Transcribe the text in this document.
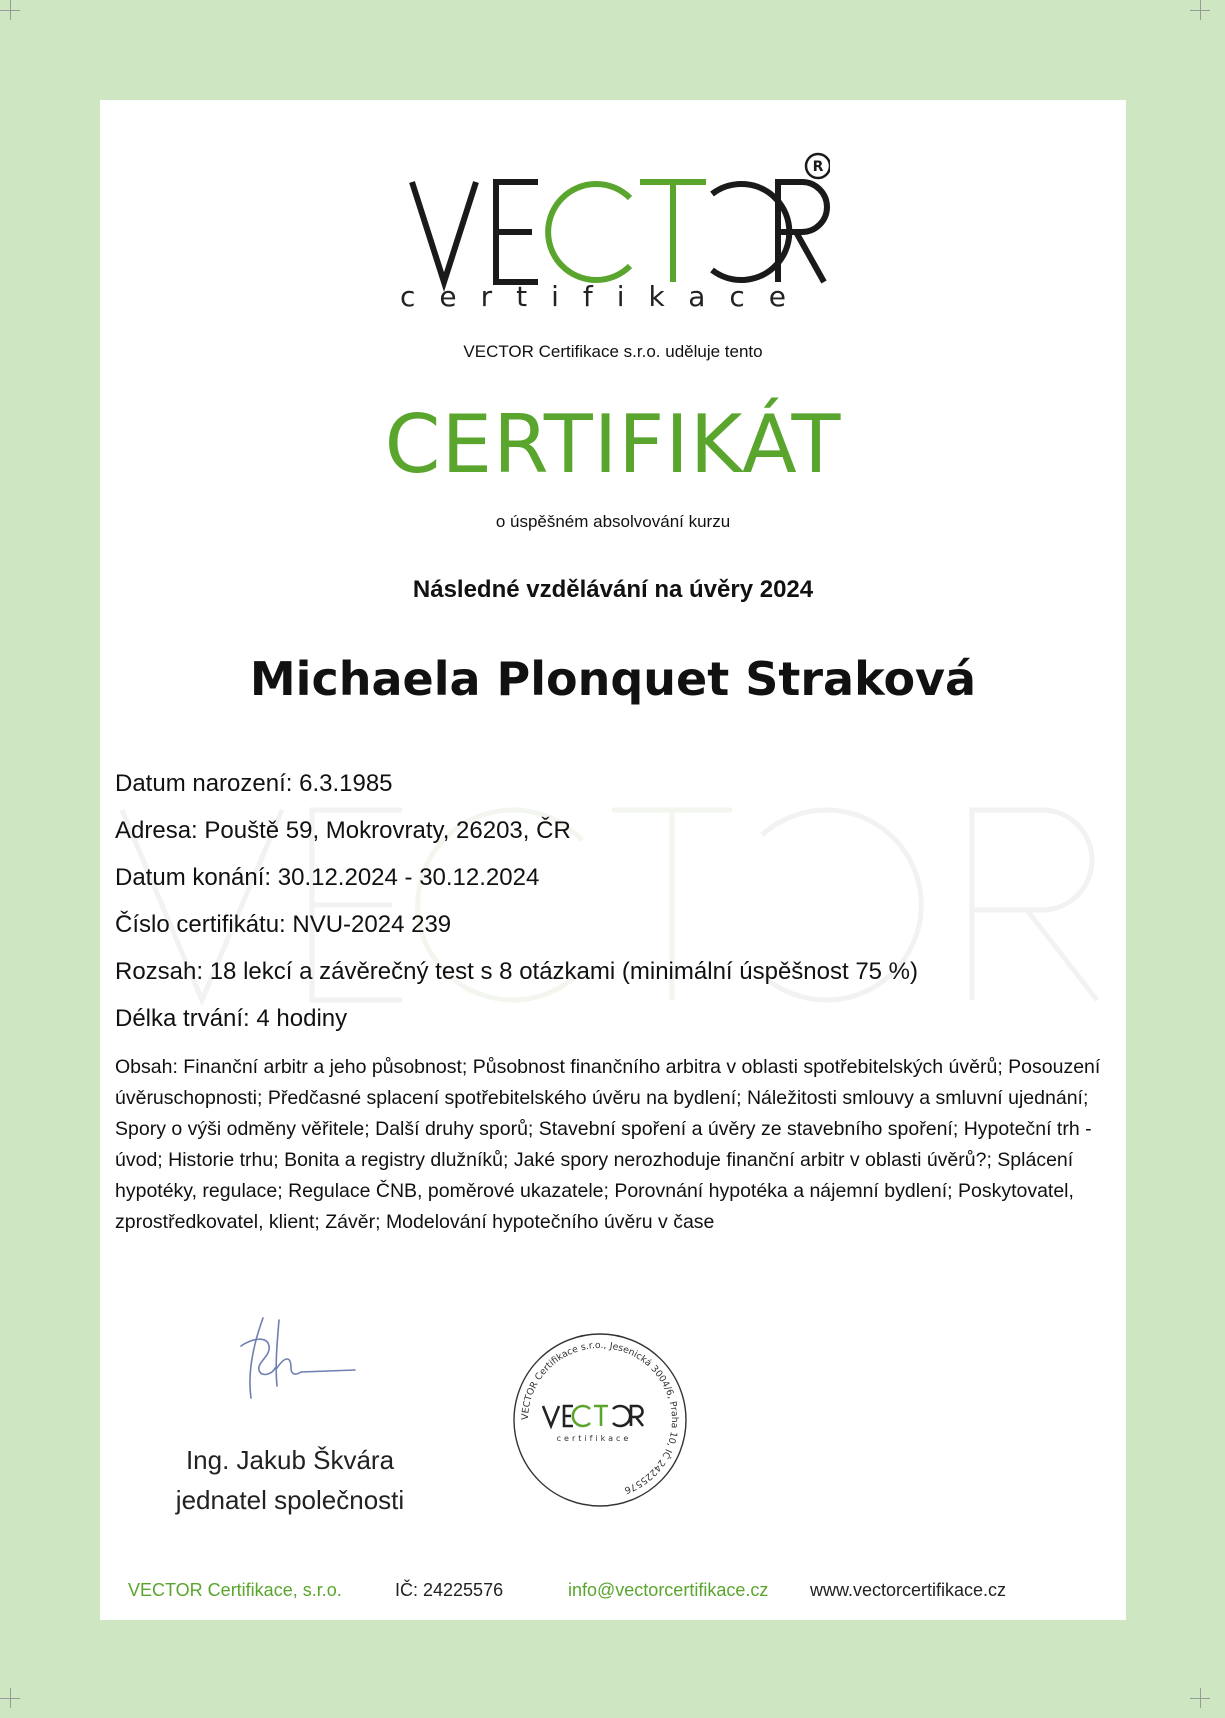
R
certifikace
VECTOR Certifikace s.r.o. uděluje tento
CERTIFIKÁT
o úspěšném absolvování kurzu
Následné vzdělávání na úvěry 2024
Michaela Plonquet Straková
Datum narození: 6.3.1985
Adresa: Pouště 59, Mokrovraty, 26203, ČR
Datum konání: 30.12.2024 - 30.12.2024
Číslo certifikátu: NVU-2024 239
Rozsah: 18 lekcí a závěrečný test s 8 otázkami (minimální úspěšnost 75 %)
Délka trvání: 4 hodiny
Obsah: Finanční arbitr a jeho působnost; Působnost finančního arbitra v oblasti spotřebitelských úvěrů; Posouzení úvěruschopnosti; Předčasné splacení spotřebitelského úvěru na bydlení; Náležitosti smlouvy a smluvní ujednání; Spory o výši odměny věřitele; Další druhy sporů; Stavební spoření a úvěry ze stavebního spoření; Hypoteční trh - úvod; Historie trhu; Bonita a registry dlužníků; Jaké spory nerozhoduje finanční arbitr v oblasti úvěrů?; Splácení hypotéky, regulace; Regulace ČNB, poměrové ukazatele; Porovnání hypotéka a nájemní bydlení; Poskytovatel, zprostředkovatel, klient; Závěr; Modelování hypotečního úvěru v čase
Ing. Jakub Škvára
jednatel společnosti
VECTOR Certifikace s.r.o., Jesenická 3004/6, Praha 10, IČ 24225576
certifikace
VECTOR Certifikace, s.r.o.	IČ: 24225576	info@vectorcertifikace.cz www.vectorcertifikace.cz
